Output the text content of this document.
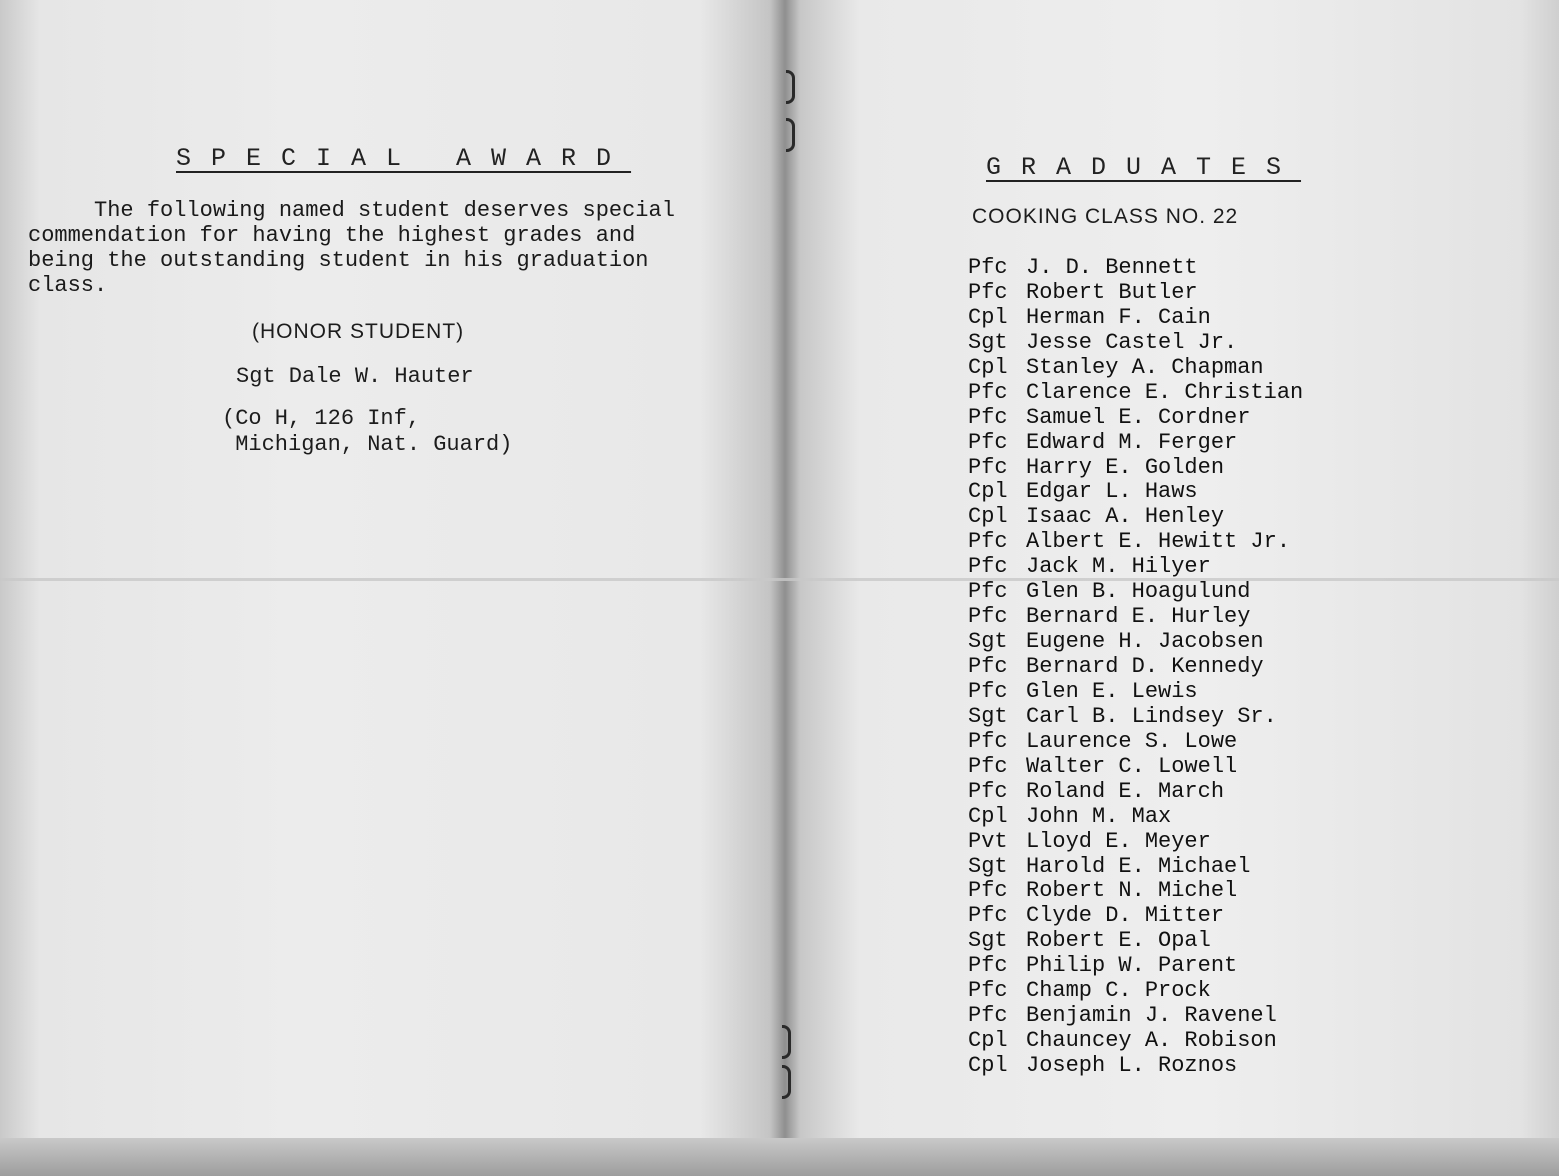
SPECIAL AWARD
The following named student deserves special
commendation for having the highest grades and
being the outstanding student in his graduation
class.
(HONOR STUDENT)
Sgt Dale W. Hauter
(Co H, 126 Inf,
Michigan, Nat. Guard)
GRADUATES
COOKING CLASS NO. 22
Pfc J. D. Bennett
Pfc Robert Butler
Cpl Herman F. Cain
Sgt Jesse Castel Jr.
Cpl Stanley A. Chapman
Pfc Clarence E. Christian
Pfc Samuel E. Cordner
Pfc Edward M. Ferger
Pfc Harry E. Golden
Cpl Edgar L. Haws
Cpl Isaac A. Henley
Pfc Albert E. Hewitt Jr.
Pfc Jack M. Hilyer
Pfc Glen B. Hoagulund
Pfc Bernard E. Hurley
Sgt Eugene H. Jacobsen
Pfc Bernard D. Kennedy
Pfc Glen E. Lewis
Sgt Carl B. Lindsey Sr.
Pfc Laurence S. Lowe
Pfc Walter C. Lowell
Pfc Roland E. March
Cpl John M. Max
Pvt Lloyd E. Meyer
Sgt Harold E. Michael
Pfc Robert N. Michel
Pfc Clyde D. Mitter
Sgt Robert E. Opal
Pfc Philip W. Parent
Pfc Champ C. Prock
Pfc Benjamin J. Ravenel
Cpl Chauncey A. Robison
Cpl Joseph L. Roznos
